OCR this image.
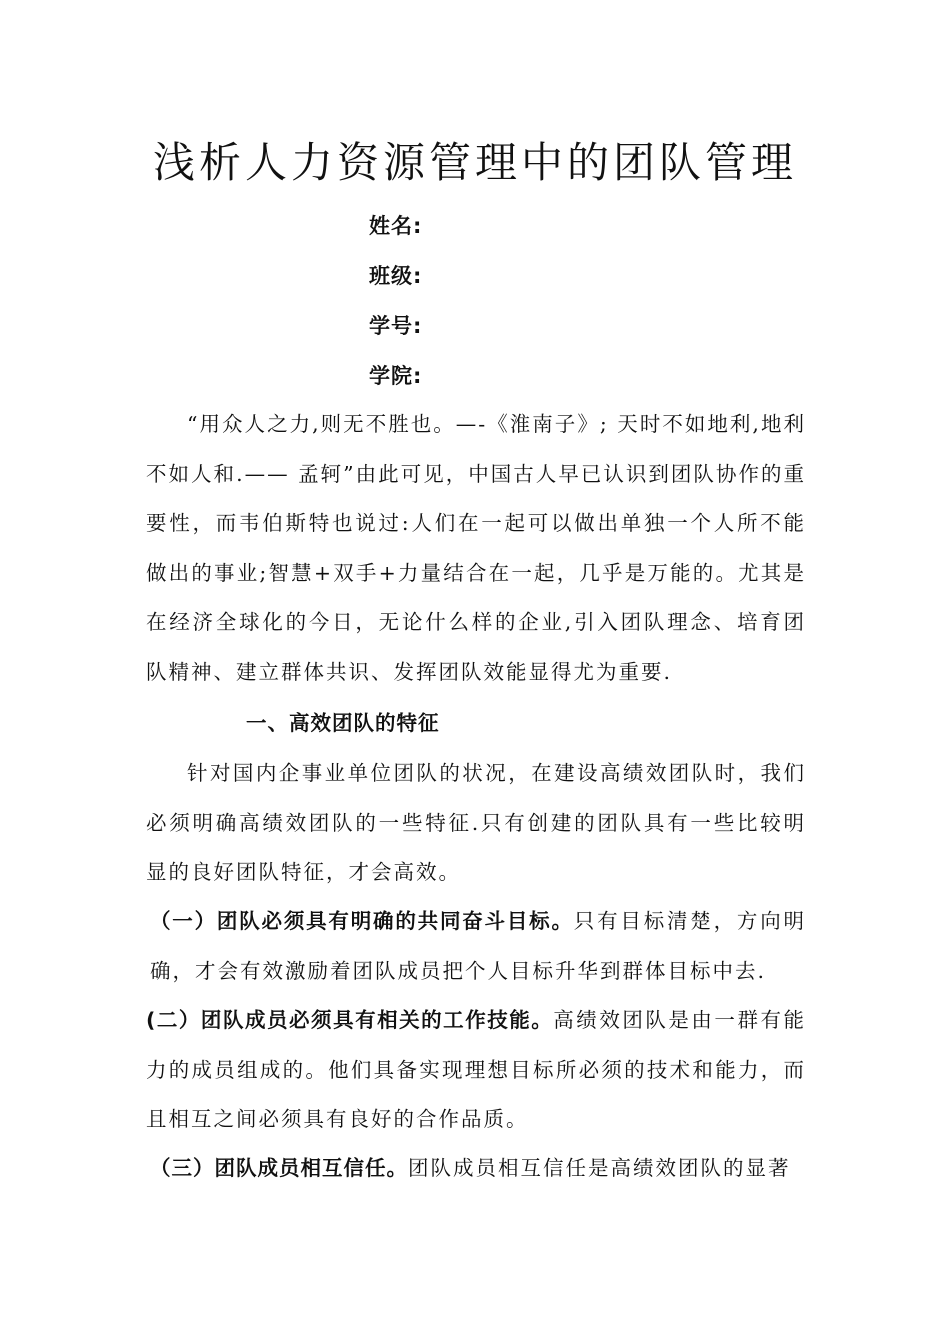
浅析人力资源管理中的团队管理
姓名:
班级:
学号:
学院:

“用众人之力,则无不胜也。—-《淮南子》; 天时不如地利,地利不如人和.—— 孟轲”由此可见，中国古人早已认识到团队协作的重要性，而韦伯斯特也说过:人们在一起可以做出单独一个人所不能做出的事业;智慧+双手+力量结合在一起，几乎是万能的。尤其是在经济全球化的今日，无论什么样的企业,引入团队理念、培育团队精神、建立群体共识、发挥团队效能显得尤为重要.

一、高效团队的特征

针对国内企事业单位团队的状况，在建设高绩效团队时，我们必须明确高绩效团队的一些特征.只有创建的团队具有一些比较明显的良好团队特征，才会高效。

（一）团队必须具有明确的共同奋斗目标。只有目标清楚，方向明确，才会有效激励着团队成员把个人目标升华到群体目标中去.

(二）团队成员必须具有相关的工作技能。高绩效团队是由一群有能力的成员组成的。他们具备实现理想目标所必须的技术和能力，而且相互之间必须具有良好的合作品质。

（三）团队成员相互信任。团队成员相互信任是高绩效团队的显著
